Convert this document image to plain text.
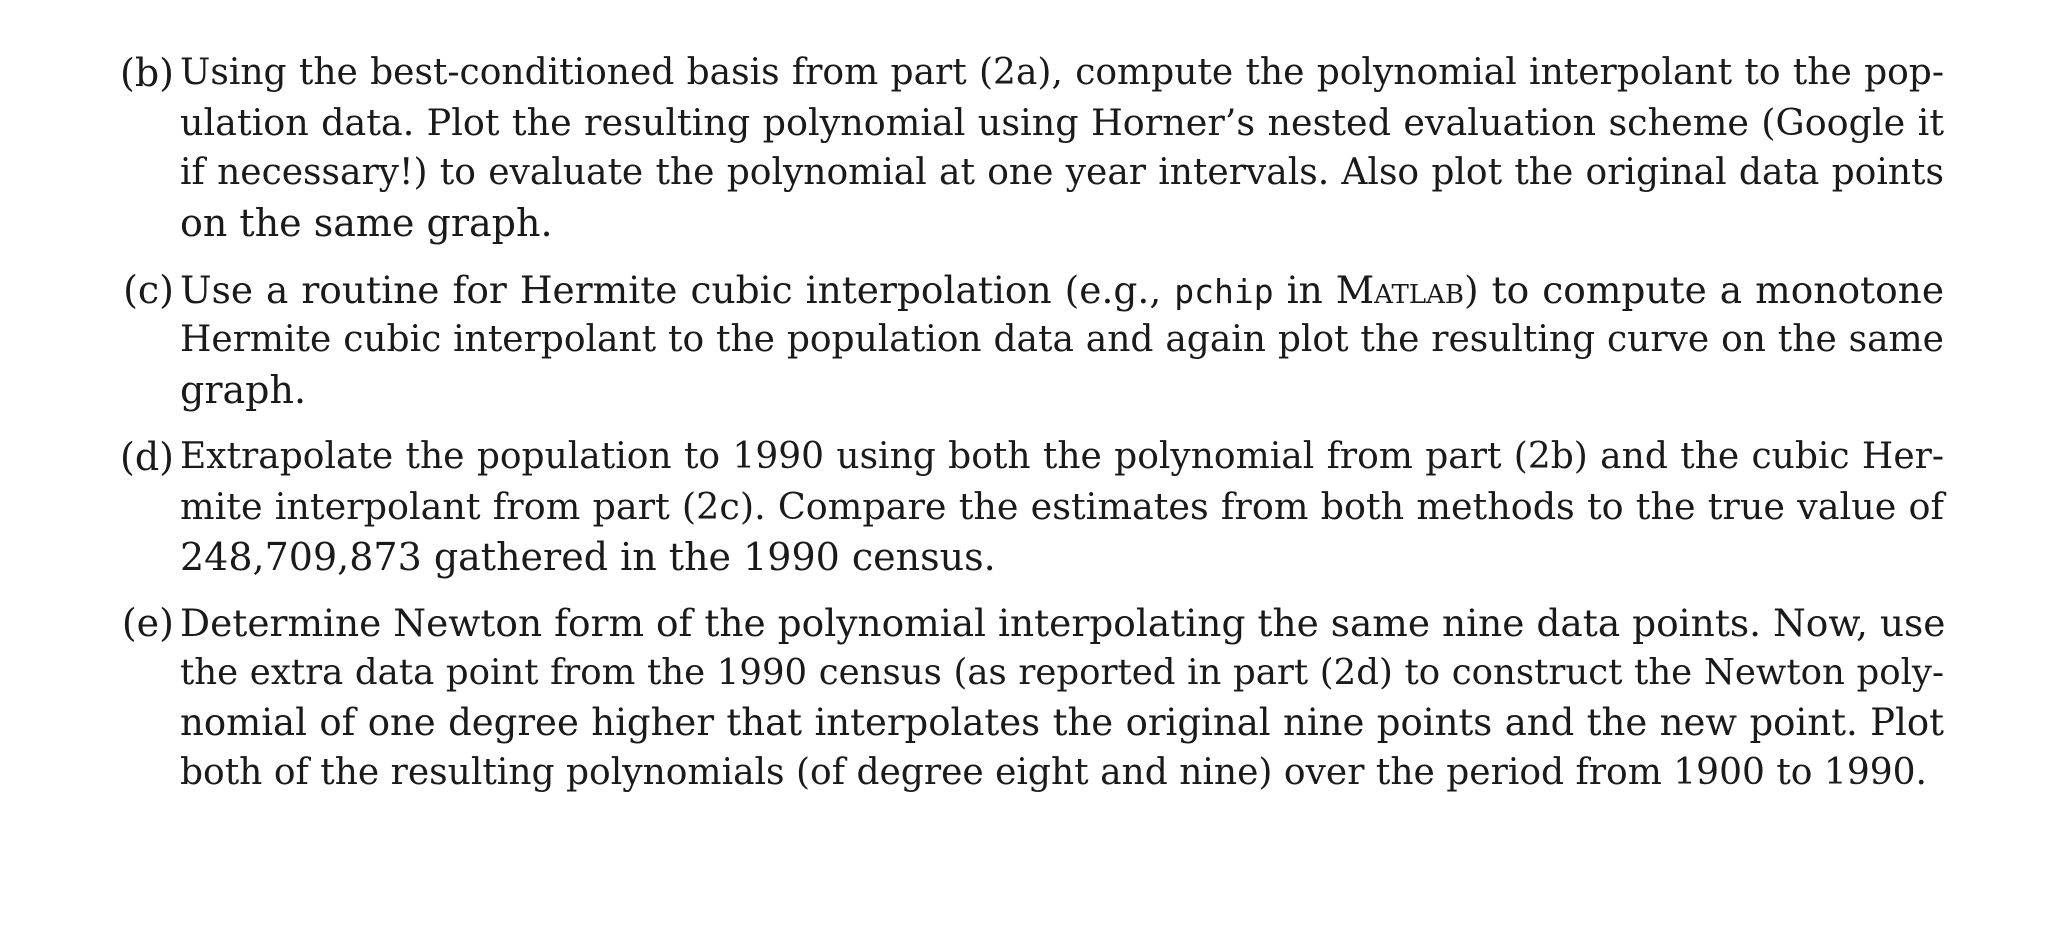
(b) Using the best-conditioned basis from part (2a), compute the polynomial interpolant to the pop-
ulation data. Plot the resulting polynomial using Horner’s nested evaluation scheme (Google it
if necessary!) to evaluate the polynomial at one year intervals. Also plot the original data points
on the same graph.
(c) Use a routine for Hermite cubic interpolation (e.g., pchip in Matlab) to compute a monotone
Hermite cubic interpolant to the population data and again plot the resulting curve on the same
graph.
(d) Extrapolate the population to 1990 using both the polynomial from part (2b) and the cubic Her-
mite interpolant from part (2c). Compare the estimates from both methods to the true value of
248,709,873 gathered in the 1990 census.
(e) Determine Newton form of the polynomial interpolating the same nine data points. Now, use
the extra data point from the 1990 census (as reported in part (2d) to construct the Newton poly-
nomial of one degree higher that interpolates the original nine points and the new point. Plot
both of the resulting polynomials (of degree eight and nine) over the period from 1900 to 1990.
